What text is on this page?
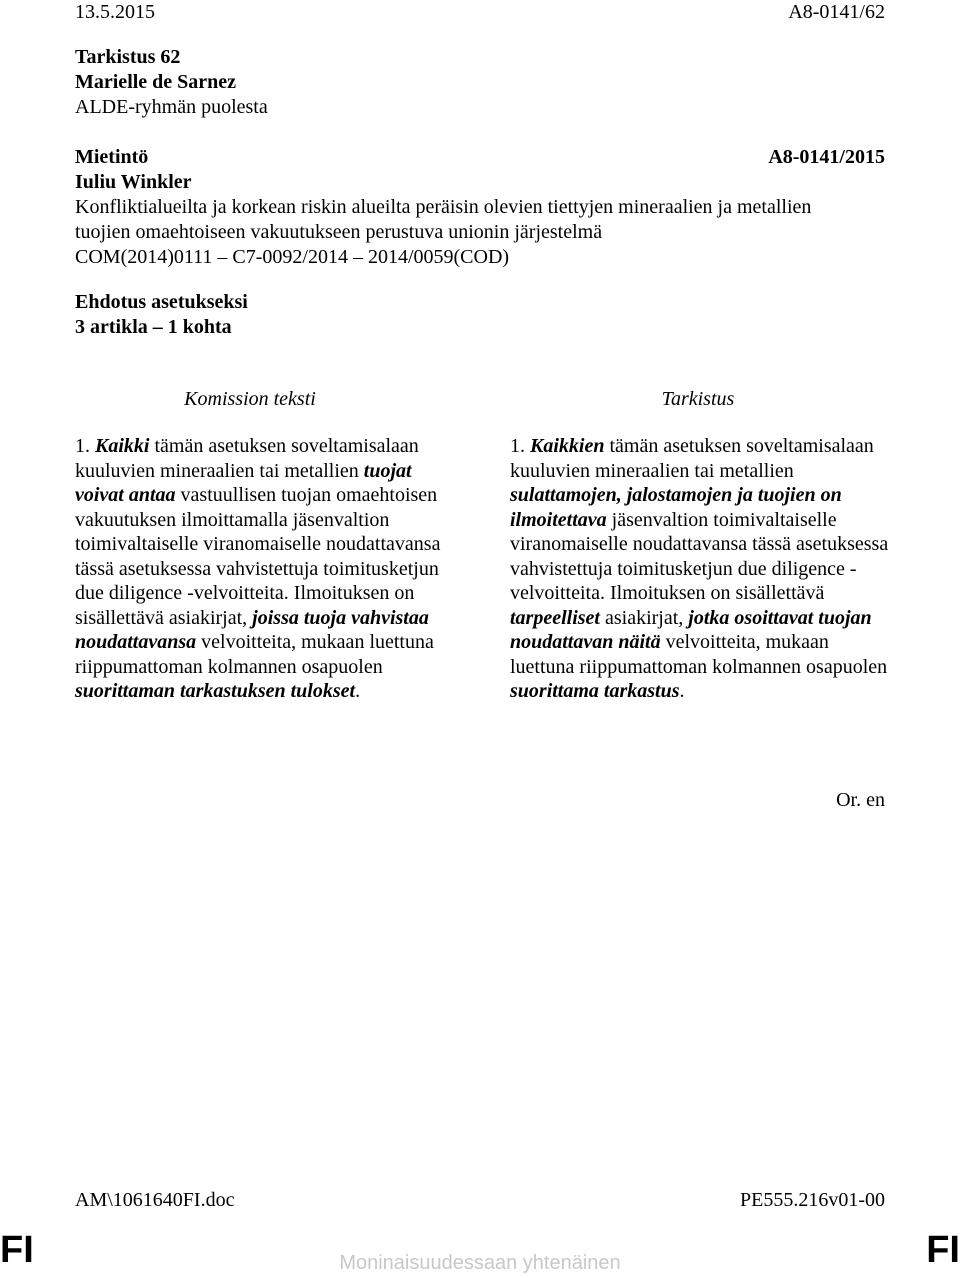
13.5.2015	A8-0141/62
Tarkistus 62
Marielle de Sarnez
ALDE-ryhmän puolesta
Mietintö	A8-0141/2015
Iuliu Winkler
Konfliktialueilta ja korkean riskin alueilta peräisin olevien tiettyjen mineraalien ja metallien
tuojien omaehtoiseen vakuutukseen perustuva unionin järjestelmä
COM(2014)0111 – C7-0092/2014 – 2014/0059(COD)
Ehdotus asetukseksi
3 artikla – 1 kohta
Komission teksti	Tarkistus
1. Kaikki tämän asetuksen soveltamisalaan kuuluvien mineraalien tai metallien tuojat voivat antaa vastuullisen tuojan omaehtoisen vakuutuksen ilmoittamalla jäsenvaltion toimivaltaiselle viranomaiselle noudattavansa tässä asetuksessa vahvistettuja toimitusketjun due diligence -velvoitteita. Ilmoituksen on sisällettävä asiakirjat, joissa tuoja vahvistaa noudattavansa velvoitteita, mukaan luettuna riippumattoman kolmannen osapuolen suorittaman tarkastuksen tulokset.
1. Kaikkien tämän asetuksen soveltamisalaan kuuluvien mineraalien tai metallien sulattamojen, jalostamojen ja tuojien on ilmoitettava jäsenvaltion toimivaltaiselle viranomaiselle noudattavansa tässä asetuksessa vahvistettuja toimitusketjun due diligence -velvoitteita. Ilmoituksen on sisällettävä tarpeelliset asiakirjat, jotka osoittavat tuojan noudattavan näitä velvoitteita, mukaan luettuna riippumattoman kolmannen osapuolen suorittama tarkastus.
Or. en
AM\1061640FI.doc	PE555.216v01-00
FI	FI
Moninaisuudessaan yhtenäinen
